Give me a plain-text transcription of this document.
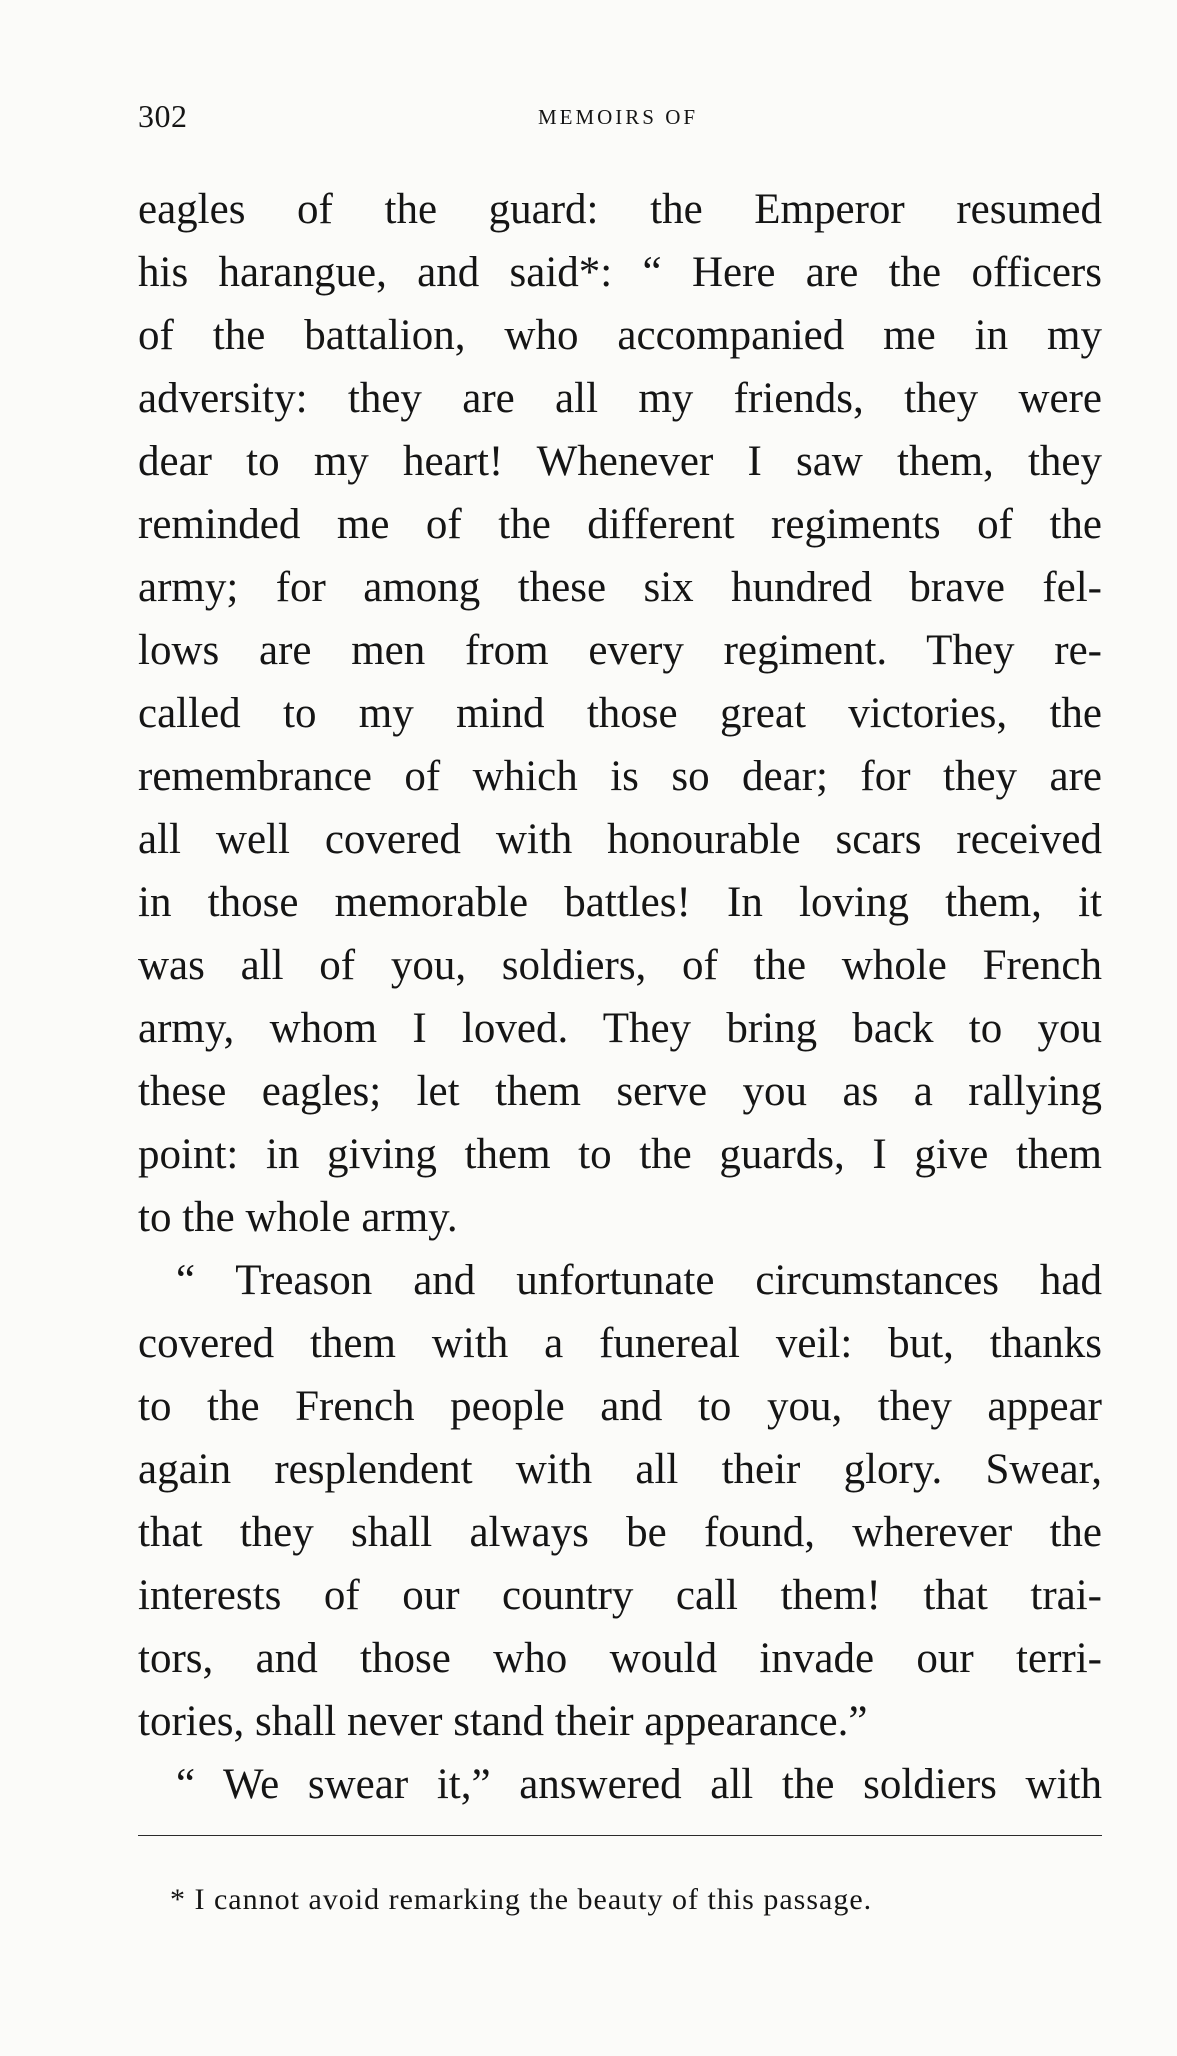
302	MEMOIRS OF
eagles of the guard: the Emperor resumed
his harangue, and said*: “ Here are the officers
of the battalion, who accompanied me in my
adversity: they are all my friends, they were
dear to my heart! Whenever I saw them, they
reminded me of the different regiments of the
army; for among these six hundred brave fel-
lows are men from every regiment. They re-
called to my mind those great victories, the
remembrance of which is so dear; for they are
all well covered with honourable scars received
in those memorable battles! In loving them, it
was all of you, soldiers, of the whole French
army, whom I loved. They bring back to you
these eagles; let them serve you as a rallying
point: in giving them to the guards, I give them
to the whole army.
“ Treason and unfortunate circumstances had
covered them with a funereal veil: but, thanks
to the French people and to you, they appear
again resplendent with all their glory. Swear,
that they shall always be found, wherever the
interests of our country call them! that trai-
tors, and those who would invade our terri-
tories, shall never stand their appearance.”
“ We swear it,” answered all the soldiers with
* I cannot avoid remarking the beauty of this passage.
